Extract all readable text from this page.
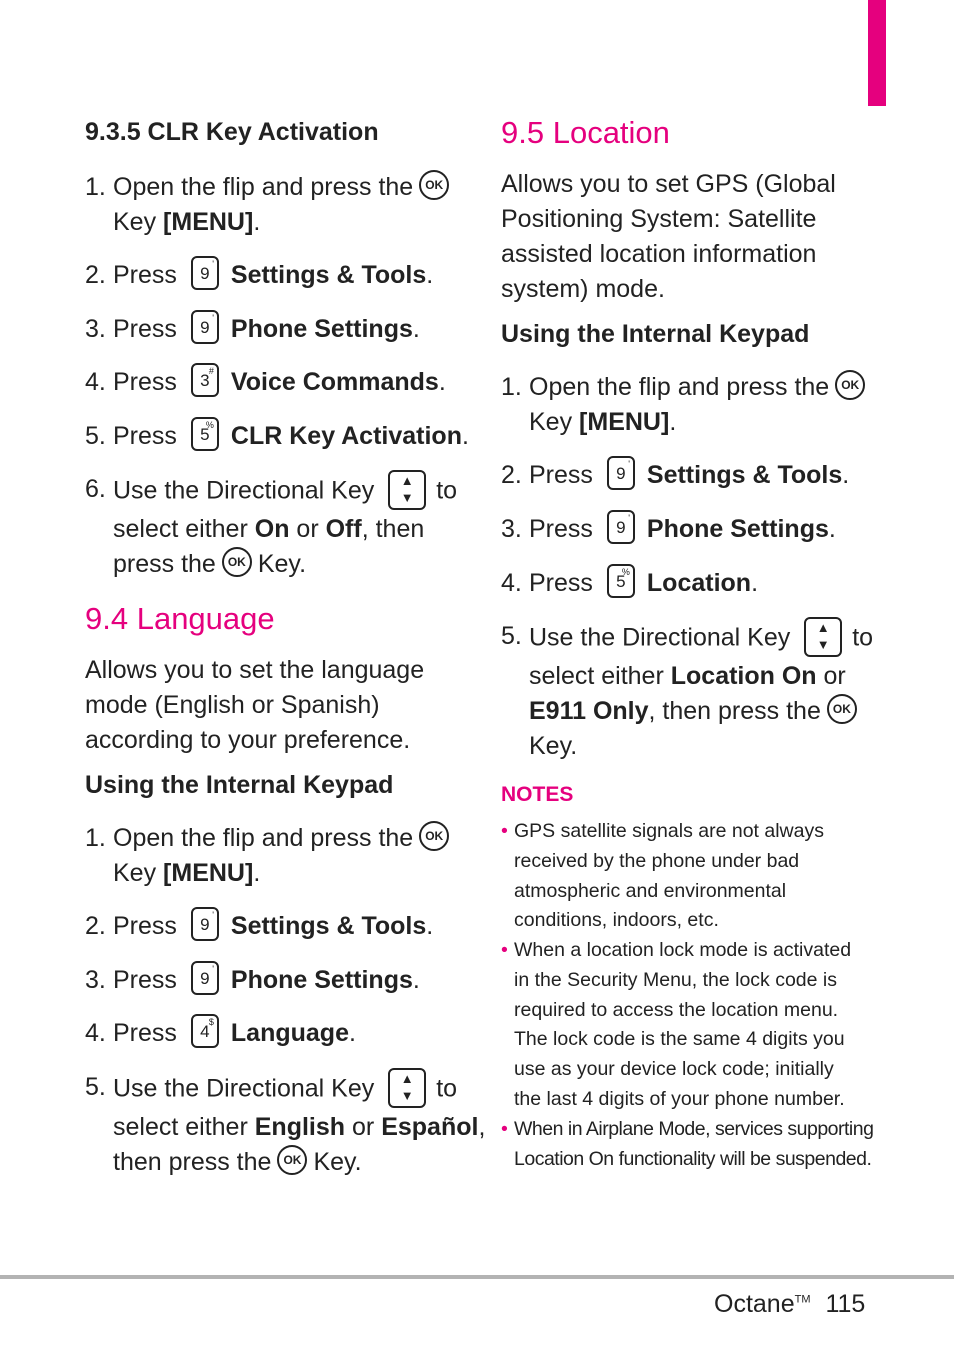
9.3.5 CLR Key Activation
1. Open the flip and press the OK
Key [MENU].
2. Press 9 ' Settings & Tools.
3. Press 9 ' Phone Settings.
4. Press 3 # Voice Commands.
5. Press 5
% CLR Key Activation.
6. Use the Directional Key ▲
▼ to
select either On or Off, then
press the OK Key.
9.4 Language
Allows you to set the language
mode (English or Spanish)
according to your preference.
Using the Internal Keypad
1. Open the flip and press the OK
Key [MENU].
2. Press 9 ' Settings & Tools.
3. Press 9 ' Phone Settings.
4. Press 4 $ Language.
5. Use the Directional Key ▲
▼ to
select either English or Español,
then press the OK Key.
9.5 Location
Allows you to set GPS (Global
Positioning System: Satellite
assisted location information
system) mode.
Using the Internal Keypad
1. Open the flip and press the OK
Key [MENU].
2. Press 9 ' Settings & Tools.
3. Press 9 ' Phone Settings.
4. Press 5
% Location.
5. Use the Directional Key ▲
▼ to
select either Location On or
E911 Only, then press the OK
Key.
NOTES
• GPS satellite signals are not always
received by the phone under bad
atmospheric and environmental
conditions, indoors, etc.
• When a location lock mode is activated
in the Security Menu, the lock code is
required to access the location menu.
The lock code is the same 4 digits you
use as your device lock code; initially
the last 4 digits of your phone number.
• When in Airplane Mode, services supporting
Location On functionality will be suspended.
Octane™ 115
